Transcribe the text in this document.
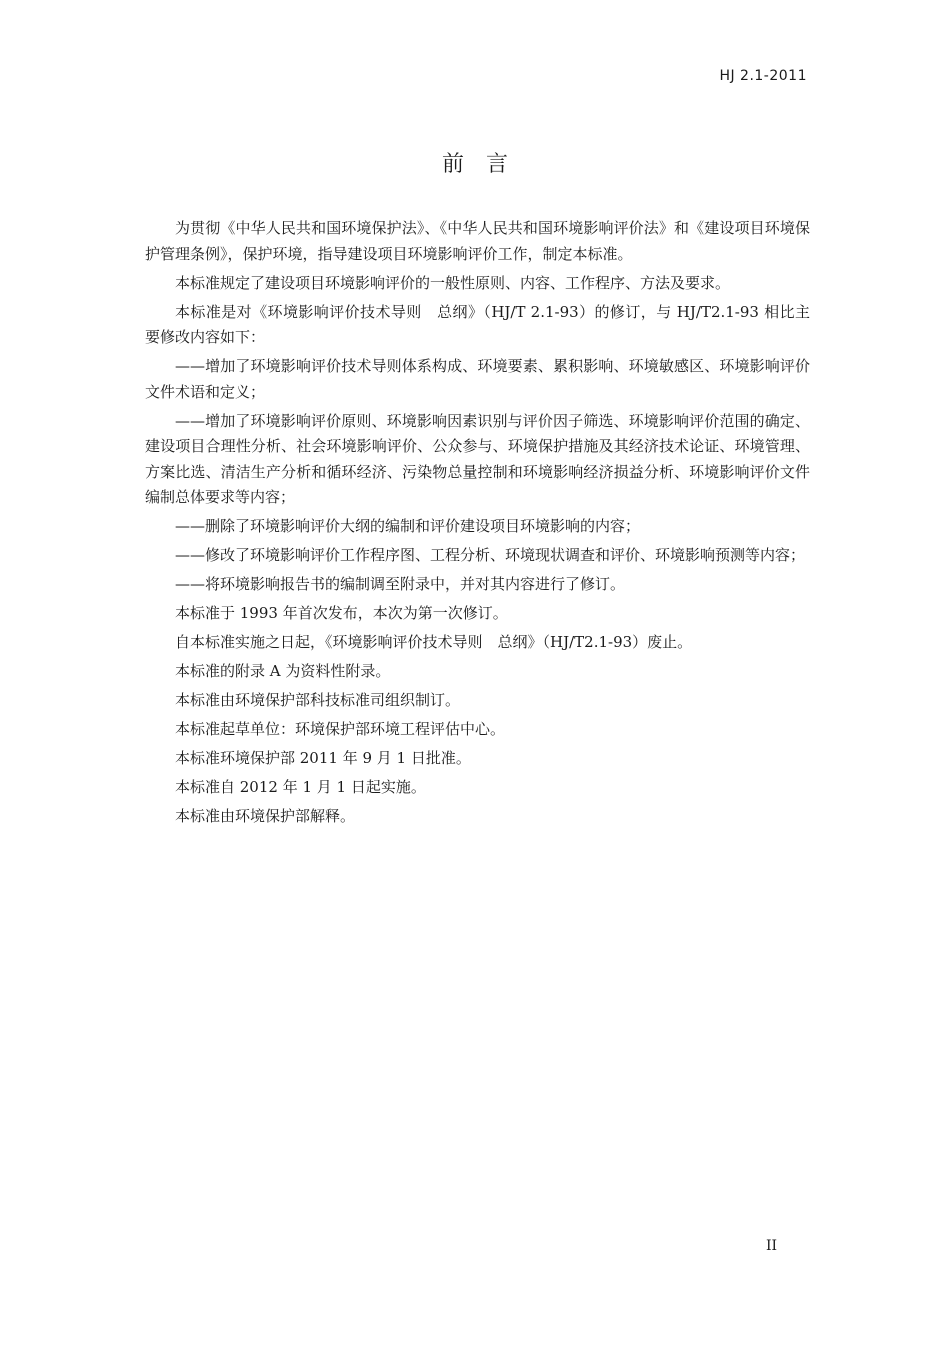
HJ 2.1-2011
前言

为贯彻《中华人民共和国环境保护法》、《中华人民共和国环境影响评价法》和《建设项目环境保护管理条例》，保护环境，指导建设项目环境影响评价工作，制定本标准。

本标准规定了建设项目环境影响评价的一般性原则、内容、工作程序、方法及要求。

本标准是对《环境影响评价技术导则　总纲》（HJ/T 2.1-93）的修订，与 HJ/T2.1-93 相比主要修改内容如下：

——增加了环境影响评价技术导则体系构成、环境要素、累积影响、环境敏感区、环境影响评价文件术语和定义；

——增加了环境影响评价原则、环境影响因素识别与评价因子筛选、环境影响评价范围的确定、建设项目合理性分析、社会环境影响评价、公众参与、环境保护措施及其经济技术论证、环境管理、方案比选、清洁生产分析和循环经济、污染物总量控制和环境影响经济损益分析、环境影响评价文件编制总体要求等内容；

——删除了环境影响评价大纲的编制和评价建设项目环境影响的内容；

——修改了环境影响评价工作程序图、工程分析、环境现状调查和评价、环境影响预测等内容；

——将环境影响报告书的编制调至附录中，并对其内容进行了修订。

本标准于 1993 年首次发布，本次为第一次修订。

自本标准实施之日起，《环境影响评价技术导则　总纲》（HJ/T2.1-93）废止。

本标准的附录 A 为资料性附录。

本标准由环境保护部科技标准司组织制订。

本标准起草单位：环境保护部环境工程评估中心。

本标准环境保护部 2011 年 9 月 1 日批准。

本标准自 2012 年 1 月 1 日起实施。

本标准由环境保护部解释。

II
